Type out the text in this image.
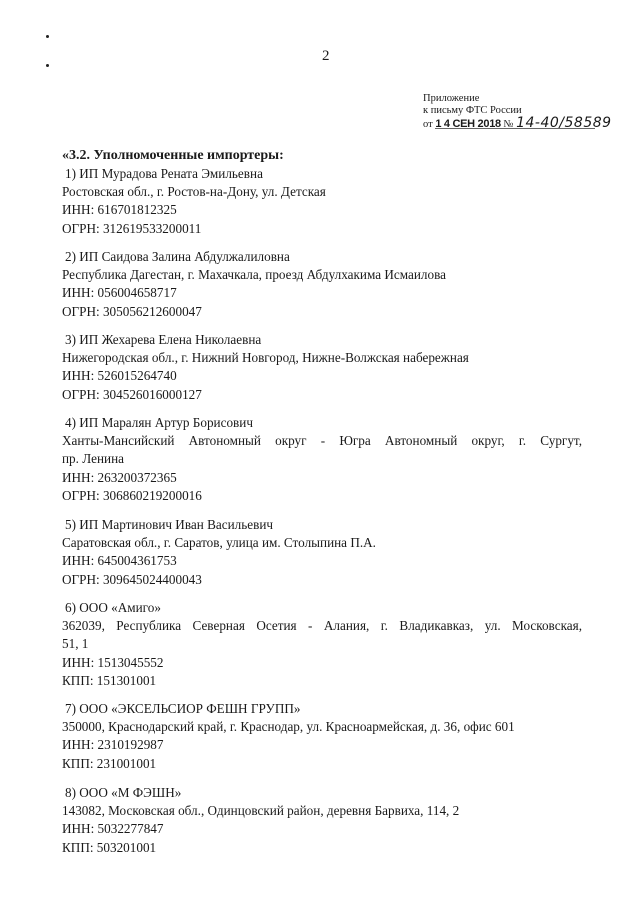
2
Приложение
к письму ФТС России
от 1 4 СЕН 2018 № 14-40/58589
«3.2. Уполномоченные импортеры:
1) ИП Мурадова Рената Эмильевна
Ростовская обл., г. Ростов-на-Дону, ул. Детская
ИНН: 616701812325
ОГРН: 312619533200011
2) ИП Саидова Залина Абдулжалиловна
Республика Дагестан, г. Махачкала, проезд Абдулхакима Исмаилова
ИНН: 056004658717
ОГРН: 305056212600047
3) ИП Жехарева Елена Николаевна
Нижегородская обл., г. Нижний Новгород, Нижне-Волжская набережная
ИНН: 526015264740
ОГРН: 304526016000127
4) ИП Маралян Артур Борисович
Ханты-Мансийский Автономный округ - Югра Автономный округ, г. Сургут,
пр. Ленина
ИНН: 263200372365
ОГРН: 306860219200016
5) ИП Мартинович Иван Васильевич
Саратовская обл., г. Саратов, улица им. Столыпина П.А.
ИНН: 645004361753
ОГРН: 309645024400043
6) ООО «Амиго»
362039, Республика Северная Осетия - Алания, г. Владикавказ, ул. Московская,
51, 1
ИНН: 1513045552
КПП: 151301001
7) ООО «ЭКСЕЛЬСИОР ФЕШН ГРУПП»
350000, Краснодарский край, г. Краснодар, ул. Красноармейская, д. 36, офис 601
ИНН: 2310192987
КПП: 231001001
8) ООО «М ФЭШН»
143082, Московская обл., Одинцовский район, деревня Барвиха, 114, 2
ИНН: 5032277847
КПП: 503201001
